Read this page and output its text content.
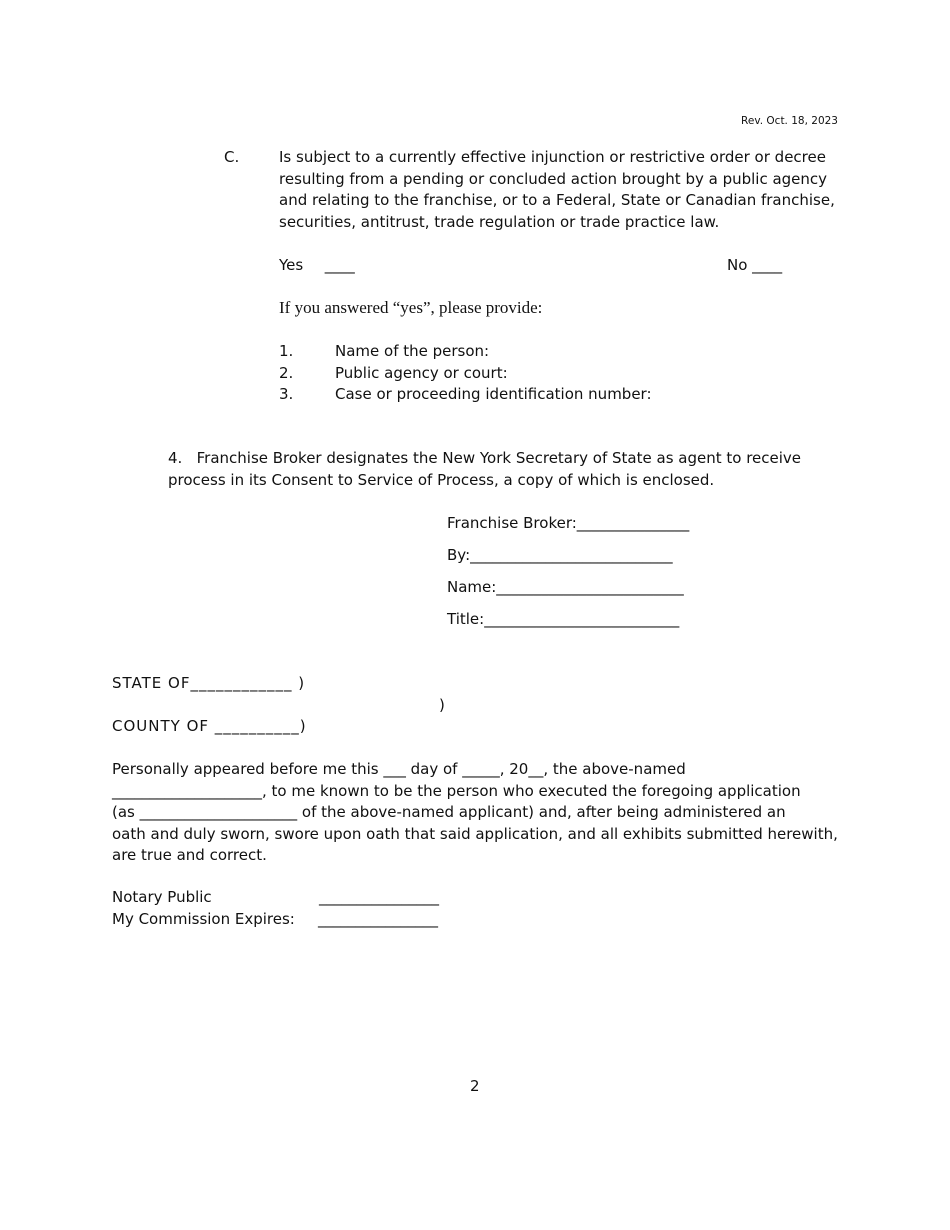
Rev. Oct. 18, 2023
C.	Is subject to a currently effective injunction or restrictive order or decree
resulting from a pending or concluded action brought by a public agency
and relating to the franchise, or to a Federal, State or Canadian franchise,
securities, antitrust, trade regulation or trade practice law.
Yes ____	No ____
If you answered “yes”, please provide:
1.	Name of the person:
2.	Public agency or court:
3.	Case or proceeding identification number:
4.   Franchise Broker designates the New York Secretary of State as agent to receive
process in its Consent to Service of Process, a copy of which is enclosed.
Franchise Broker:_______________
By:___________________________
Name:_________________________
Title:__________________________
STATE OF____________ )
)
COUNTY OF __________)
Personally appeared before me this ___ day of _____, 20__, the above-named
____________________, to me known to be the person who executed the foregoing application
(as _____________________ of the above-named applicant) and, after being administered an
oath and duly sworn, swore upon oath that said application, and all exhibits submitted herewith,
are true and correct.
Notary Public	________________
My Commission Expires: ________________
2
